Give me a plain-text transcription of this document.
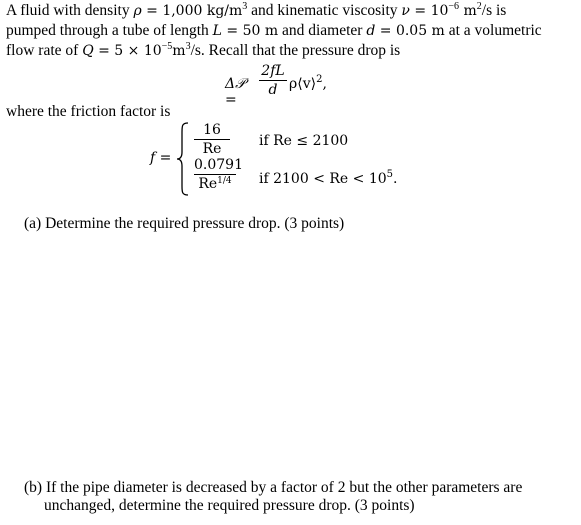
A fluid with density ρ = 1,000 $kg/m^3$ and kinematic viscosity $\nu = 10^{-6}$ $m^2/s$ is
pumped through a tube of length L = 50 m and diameter d = 0.05 m at a volumetric
flow rate of $Q = 5 \times 10^{-5}m^3/s$. Recall that the pressure drop is
Δ𝒫 =
2fL
d ρ⟨v⟩$^2$,
where the friction factor is
f =
16
Re	if Re ≤ 2100
0.0791
$Re^{1/4}$	if $2100 < Re < 10^5$.
(a) Determine the required pressure drop. (3 points)
(b) If the pipe diameter is decreased by a factor of 2 but the other parameters are
unchanged, determine the required pressure drop. (3 points)
